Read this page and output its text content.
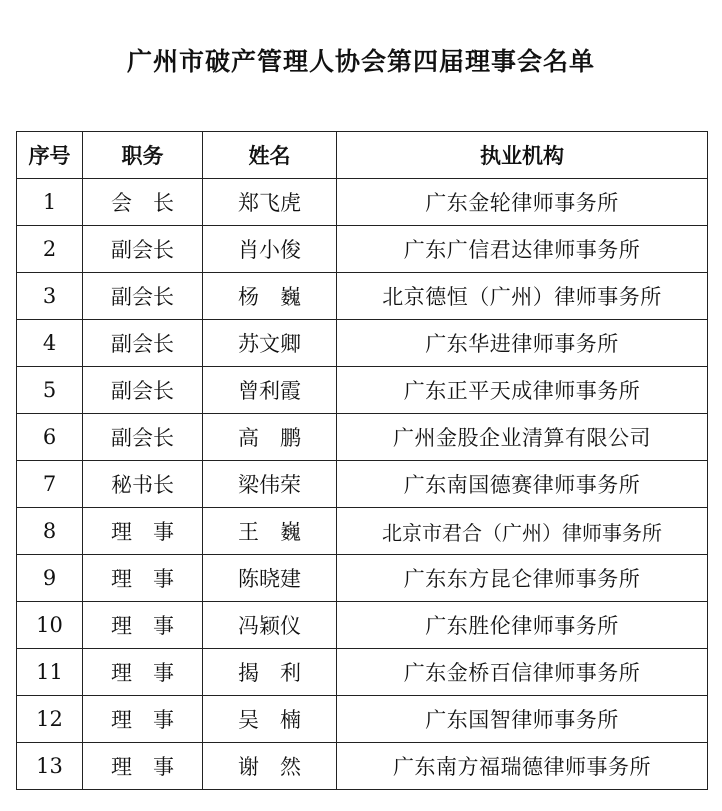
广州市破产管理人协会第四届理事会名单
序号	职务	姓名	执业机构
1	会　长	郑飞虎	广东金轮律师事务所
2	副会长	肖小俊	广东广信君达律师事务所
3	副会长	杨　巍	北京德恒（广州）律师事务所
4	副会长	苏文卿	广东华进律师事务所
5	副会长	曾利霞	广东正平天成律师事务所
6	副会长	高　鹏	广州金股企业清算有限公司
7	秘书长	梁伟荣	广东南国德赛律师事务所
8	理　事	王　巍	北京市君合（广州）律师事务所
9	理　事	陈晓建	广东东方昆仑律师事务所
10	理　事	冯颖仪	广东胜伦律师事务所
11	理　事	揭　利	广东金桥百信律师事务所
12	理　事	吴　楠	广东国智律师事务所
13	理　事	谢　然	广东南方福瑞德律师事务所
